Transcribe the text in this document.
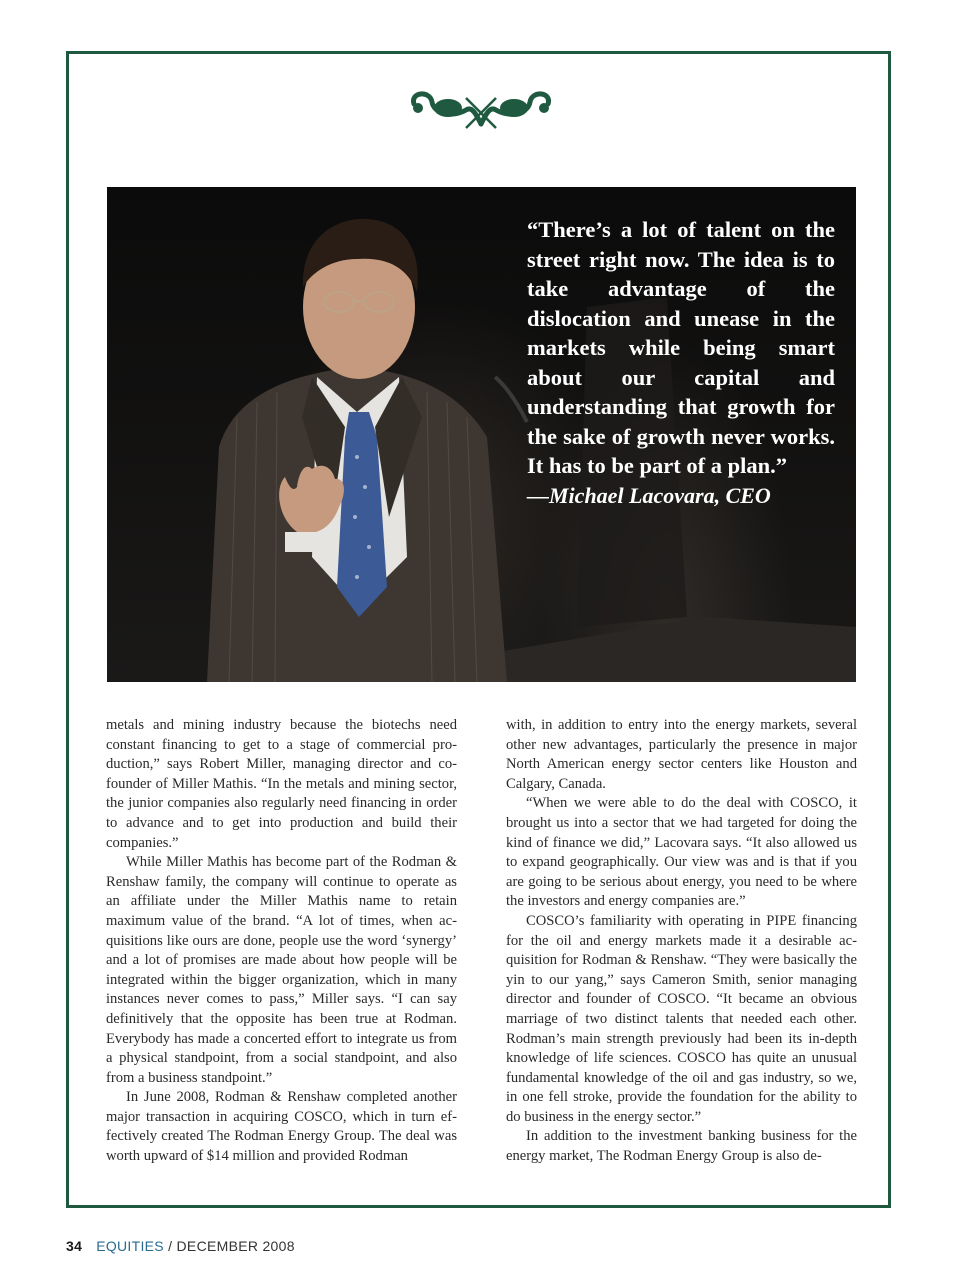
“There’s a lot of talent on the street right now. The idea is to take advantage of the dislocation and unease in the markets while being smart about our capital and understanding that growth for the sake of growth never works. It has to be part of a plan.”

—Michael Lacovara, CEO

metals and mining industry because the biotechs need constant financing to get to a stage of commercial production,” says Robert Miller, managing director and cofounder of Miller Mathis. “In the metals and mining sector, the junior companies also regularly need financing in order to advance and to get into production and build their companies.”

While Miller Mathis has become part of the Rodman & Renshaw family, the company will continue to operate as an affiliate under the Miller Mathis name to retain maximum value of the brand. “A lot of times, when acquisitions like ours are done, people use the word ‘synergy’ and a lot of promises are made about how people will be integrated within the bigger organization, which in many instances never comes to pass,” Miller says. “I can say definitively that the opposite has been true at Rodman. Everybody has made a concerted effort to integrate us from a physical standpoint, from a social standpoint, and also from a business standpoint.”

In June 2008, Rodman & Renshaw completed another major transaction in acquiring COSCO, which in turn effectively created The Rodman Energy Group. The deal was worth upward of $14 million and provided Rodman

with, in addition to entry into the energy markets, several other new advantages, particularly the presence in major North American energy sector centers like Houston and Calgary, Canada.

“When we were able to do the deal with COSCO, it brought us into a sector that we had targeted for doing the kind of finance we did,” Lacovara says. “It also allowed us to expand geographically. Our view was and is that if you are going to be serious about energy, you need to be where the investors and energy companies are.”

COSCO’s familiarity with operating in PIPE financing for the oil and energy markets made it a desirable acquisition for Rodman & Renshaw. “They were basically the yin to our yang,” says Cameron Smith, senior managing director and founder of COSCO. “It became an obvious marriage of two distinct talents that needed each other. Rodman’s main strength previously had been its in-depth knowledge of life sciences. COSCO has quite an unusual fundamental knowledge of the oil and gas industry, so we, in one fell stroke, provide the foundation for the ability to do business in the energy sector.”

In addition to the investment banking business for the energy market, The Rodman Energy Group is also de-

34 EQUITIES / DECEMBER 2008
